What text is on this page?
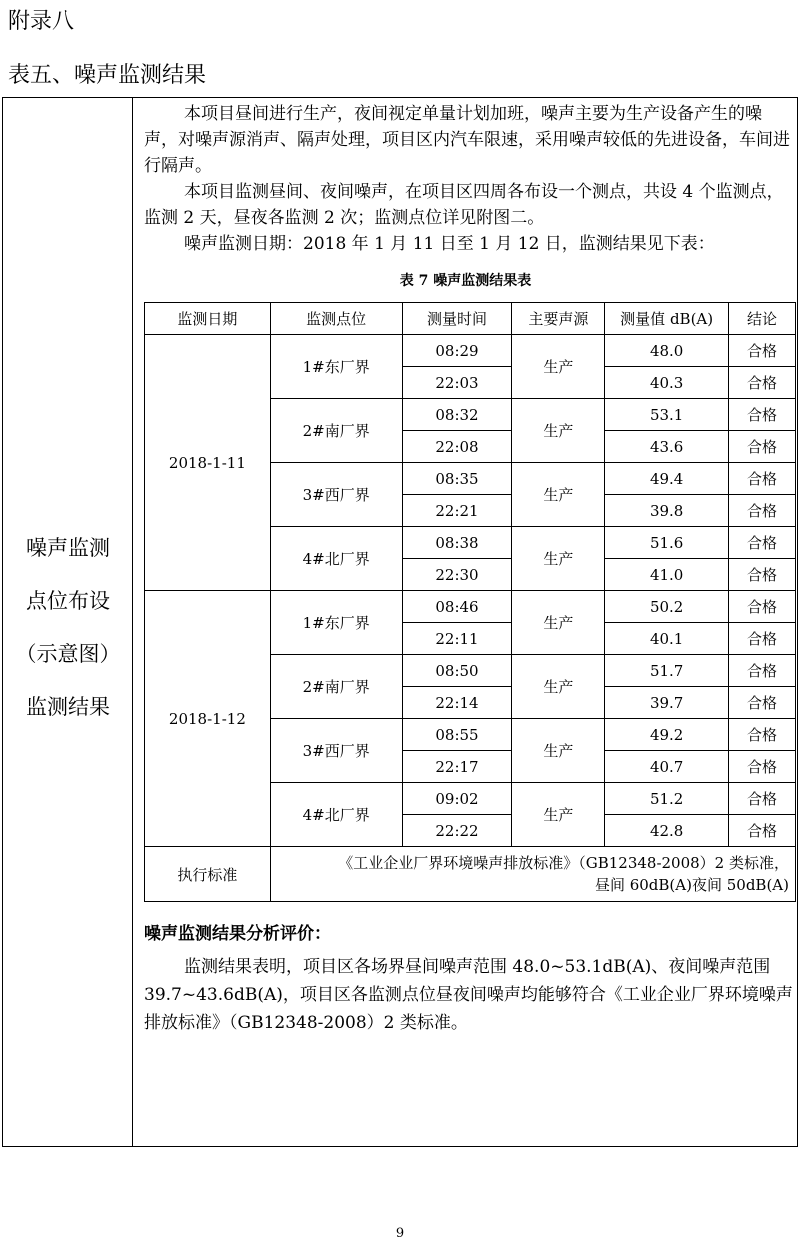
附录八
表五、噪声监测结果
噪声监测
点位布设
（示意图）
监测结果
本项目昼间进行生产，夜间视定单量计划加班，噪声主要为生产设备产生的噪声，对噪声源消声、隔声处理，项目区内汽车限速，采用噪声较低的先进设备，车间进行隔声。
本项目监测昼间、夜间噪声，在项目区四周各布设一个测点，共设 4 个监测点，监测 2 天，昼夜各监测 2 次；监测点位详见附图二。
噪声监测日期：2018 年 1 月 11 日至 1 月 12 日，监测结果见下表：
表 7 噪声监测结果表
监测日期	监测点位	测量时间	主要声源	测量值 dB(A)	结论
2018-1-11	1#东厂界	08:29	生产	48.0	合格
		22:03		40.3	合格
	2#南厂界	08:32	生产	53.1	合格
		22:08		43.6	合格
	3#西厂界	08:35	生产	49.4	合格
		22:21		39.8	合格
	4#北厂界	08:38	生产	51.6	合格
		22:30		41.0	合格
2018-1-12	1#东厂界	08:46	生产	50.2	合格
		22:11		40.1	合格
	2#南厂界	08:50	生产	51.7	合格
		22:14		39.7	合格
	3#西厂界	08:55	生产	49.2	合格
		22:17		40.7	合格
	4#北厂界	09:02	生产	51.2	合格
		22:22		42.8	合格
执行标准	《工业企业厂界环境噪声排放标准》（GB12348-2008）2 类标准，
昼间 60dB(A)夜间 50dB(A)				
噪声监测结果分析评价：
监测结果表明，项目区各场界昼间噪声范围 48.0~53.1dB(A)、夜间噪声范围 39.7~43.6dB(A)，项目区各监测点位昼夜间噪声均能够符合《工业企业厂界环境噪声排放标准》（GB12348-2008）2 类标准。
9
